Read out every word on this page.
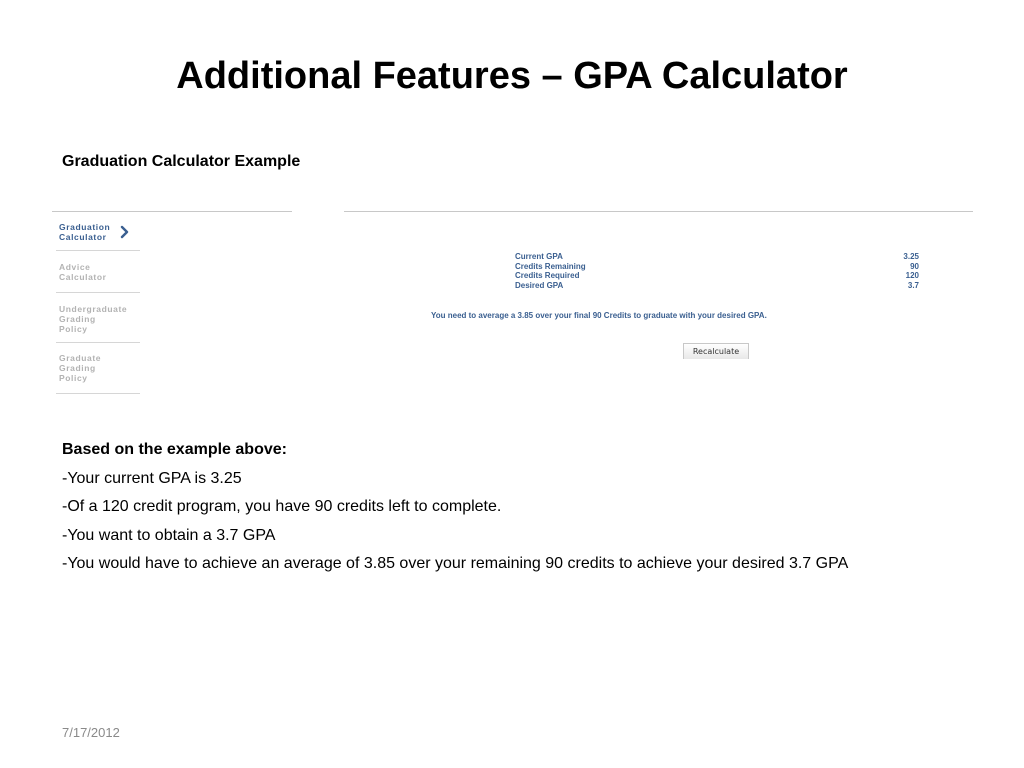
Additional Features – GPA Calculator
Graduation Calculator Example
Graduation
Calculator
Advice
Calculator
Undergraduate
Grading
Policy
Graduate
Grading
Policy
Current GPA	3.25
Credits Remaining	90
Credits Required	120
Desired GPA	3.7
You need to average a 3.85 over your final 90 Credits to graduate with your desired GPA.
Recalculate
Based on the example above:
-Your current GPA is 3.25
-Of a 120 credit program, you have 90 credits left to complete.
-You want to obtain a 3.7 GPA
-You would have to achieve an average of 3.85 over your remaining 90 credits to achieve your desired 3.7 GPA
7/17/2012
